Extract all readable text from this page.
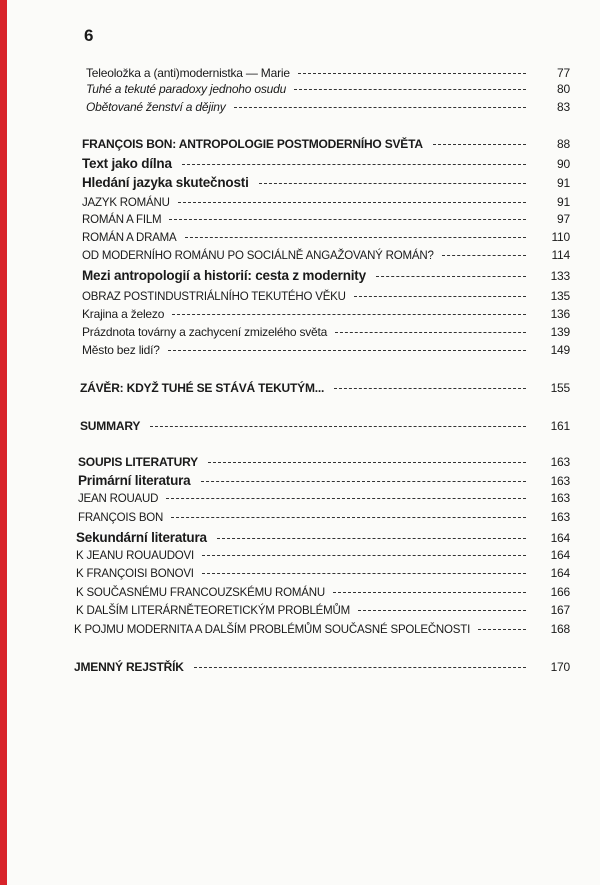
6
Teleoložka a (anti)modernistka — Marie	77
Tuhé a tekuté paradoxy jednoho osudu	80
Obětované ženství a dějiny	83
FRANÇOIS BON: ANTROPOLOGIE POSTMODERNÍHO SVĚTA	88
Text jako dílna	90
Hledání jazyka skutečnosti	91
JAZYK ROMÁNU	91
ROMÁN A FILM	97
ROMÁN A DRAMA	110
OD MODERNÍHO ROMÁNU PO SOCIÁLNĚ ANGAŽOVANÝ ROMÁN?	114
Mezi antropologií a historií: cesta z modernity	133
OBRAZ POSTINDUSTRIÁLNÍHO TEKUTÉHO VĚKU	135
Krajina a železo	136
Prázdnota továrny a zachycení zmizelého světa	139
Město bez lidí?	149
ZÁVĚR: KDYŽ TUHÉ SE STÁVÁ TEKUTÝM...	155
SUMMARY	161
SOUPIS LITERATURY	163
Primární literatura	163
JEAN ROUAUD	163
FRANÇOIS BON	163
Sekundární literatura	164
K JEANU ROUAUDOVI	164
K FRANÇOISI BONOVI	164
K SOUČASNÉMU FRANCOUZSKÉMU ROMÁNU	166
K DALŠÍM LITERÁRNĚTEORETICKÝM PROBLÉMŮM	167
K POJMU MODERNITA A DALŠÍM PROBLÉMŮM SOUČASNÉ SPOLEČNOSTI	168
JMENNÝ REJSTŘÍK	170
